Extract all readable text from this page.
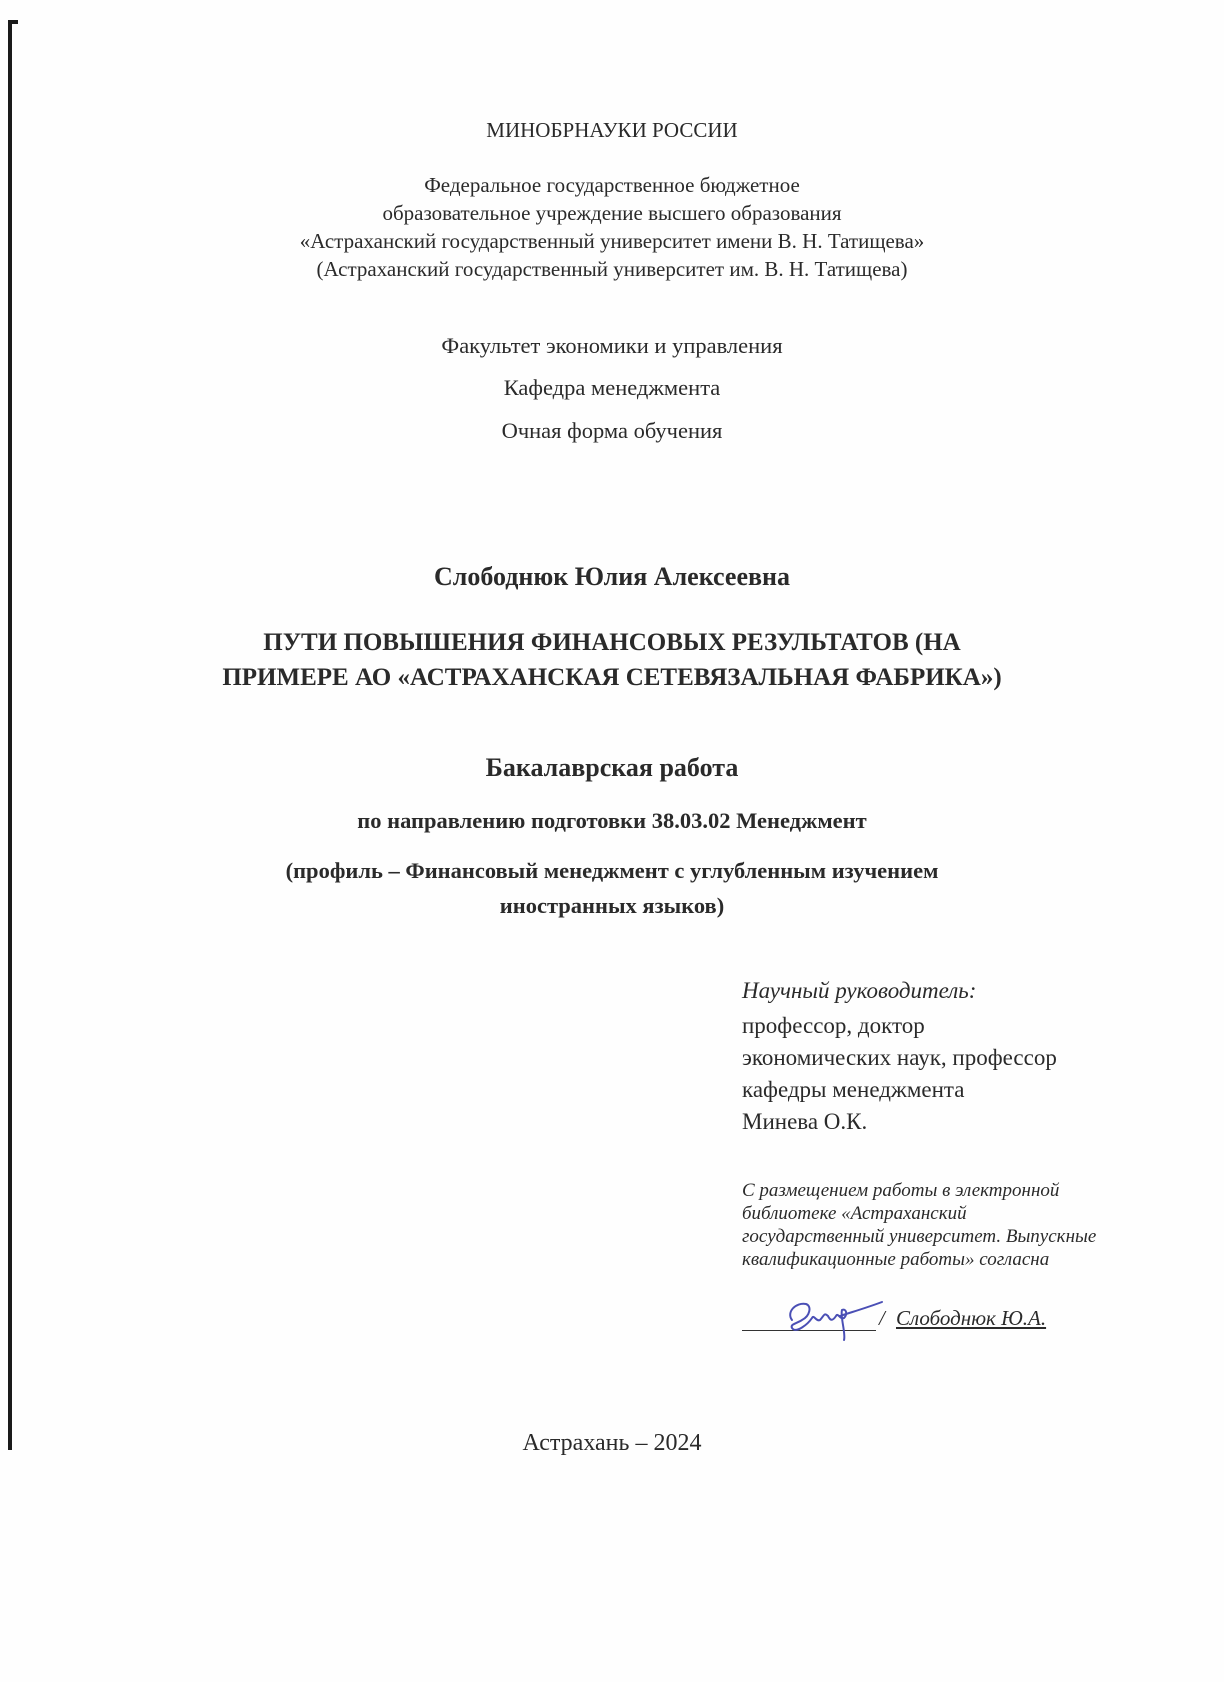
МИНОБРНАУКИ РОССИИ
Федеральное государственное бюджетное
образовательное учреждение высшего образования
«Астраханский государственный университет имени В. Н. Татищева»
(Астраханский государственный университет им. В. Н. Татищева)
Факультет экономики и управления
Кафедра менеджмента
Очная форма обучения
Слободнюк Юлия Алексеевна
ПУТИ ПОВЫШЕНИЯ ФИНАНСОВЫХ РЕЗУЛЬТАТОВ (НА
ПРИМЕРЕ АО «АСТРАХАНСКАЯ СЕТЕВЯЗАЛЬНАЯ ФАБРИКА»)
Бакалаврская работа
по направлению подготовки 38.03.02 Менеджмент
(профиль – Финансовый менеджмент с углубленным изучением
иностранных языков)
Научный руководитель:
профессор, доктор
экономических наук, профессор
кафедры менеджмента
Минева О.К.
С размещением работы в электронной
библиотеке «Астраханский
государственный университет. Выпускные
квалификационные работы» согласна
/ Слободнюк Ю.А.
Астрахань – 2024
